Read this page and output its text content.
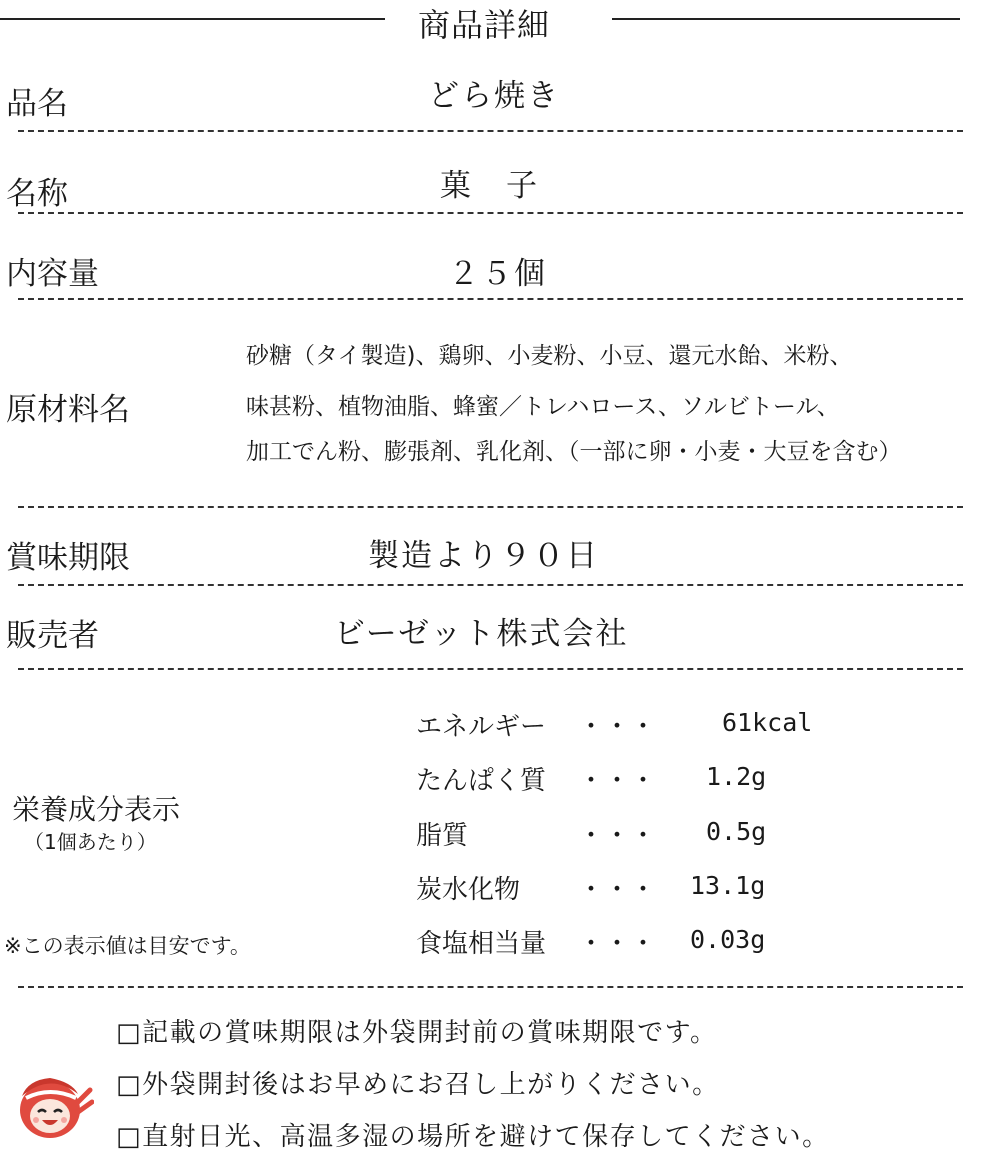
商品詳細
品名	どら焼き
名称	菓　子
内容量	２５個
原材料名
砂糖（タイ製造)、鶏卵、小麦粉、小豆、還元水飴、米粉、
味甚粉、植物油脂、蜂蜜／トレハロース、ソルビトール、
加工でん粉、膨張剤、乳化剤、（一部に卵・小麦・大豆を含む）
賞味期限	製造より９０日
販売者	ビーゼット株式会社
栄養成分表示
（1個あたり）
※この表示値は目安です。
エネルギー ・・・	61kcal
たんぱく質 ・・・ 1.2g
脂質	・・・ 0.5g
炭水化物 ・・・ 13.1g
食塩相当量 ・・・ 0.03g
□記載の賞味期限は外袋開封前の賞味期限です。
□外袋開封後はお早めにお召し上がりください。
□直射日光、高温多湿の場所を避けて保存してください。
